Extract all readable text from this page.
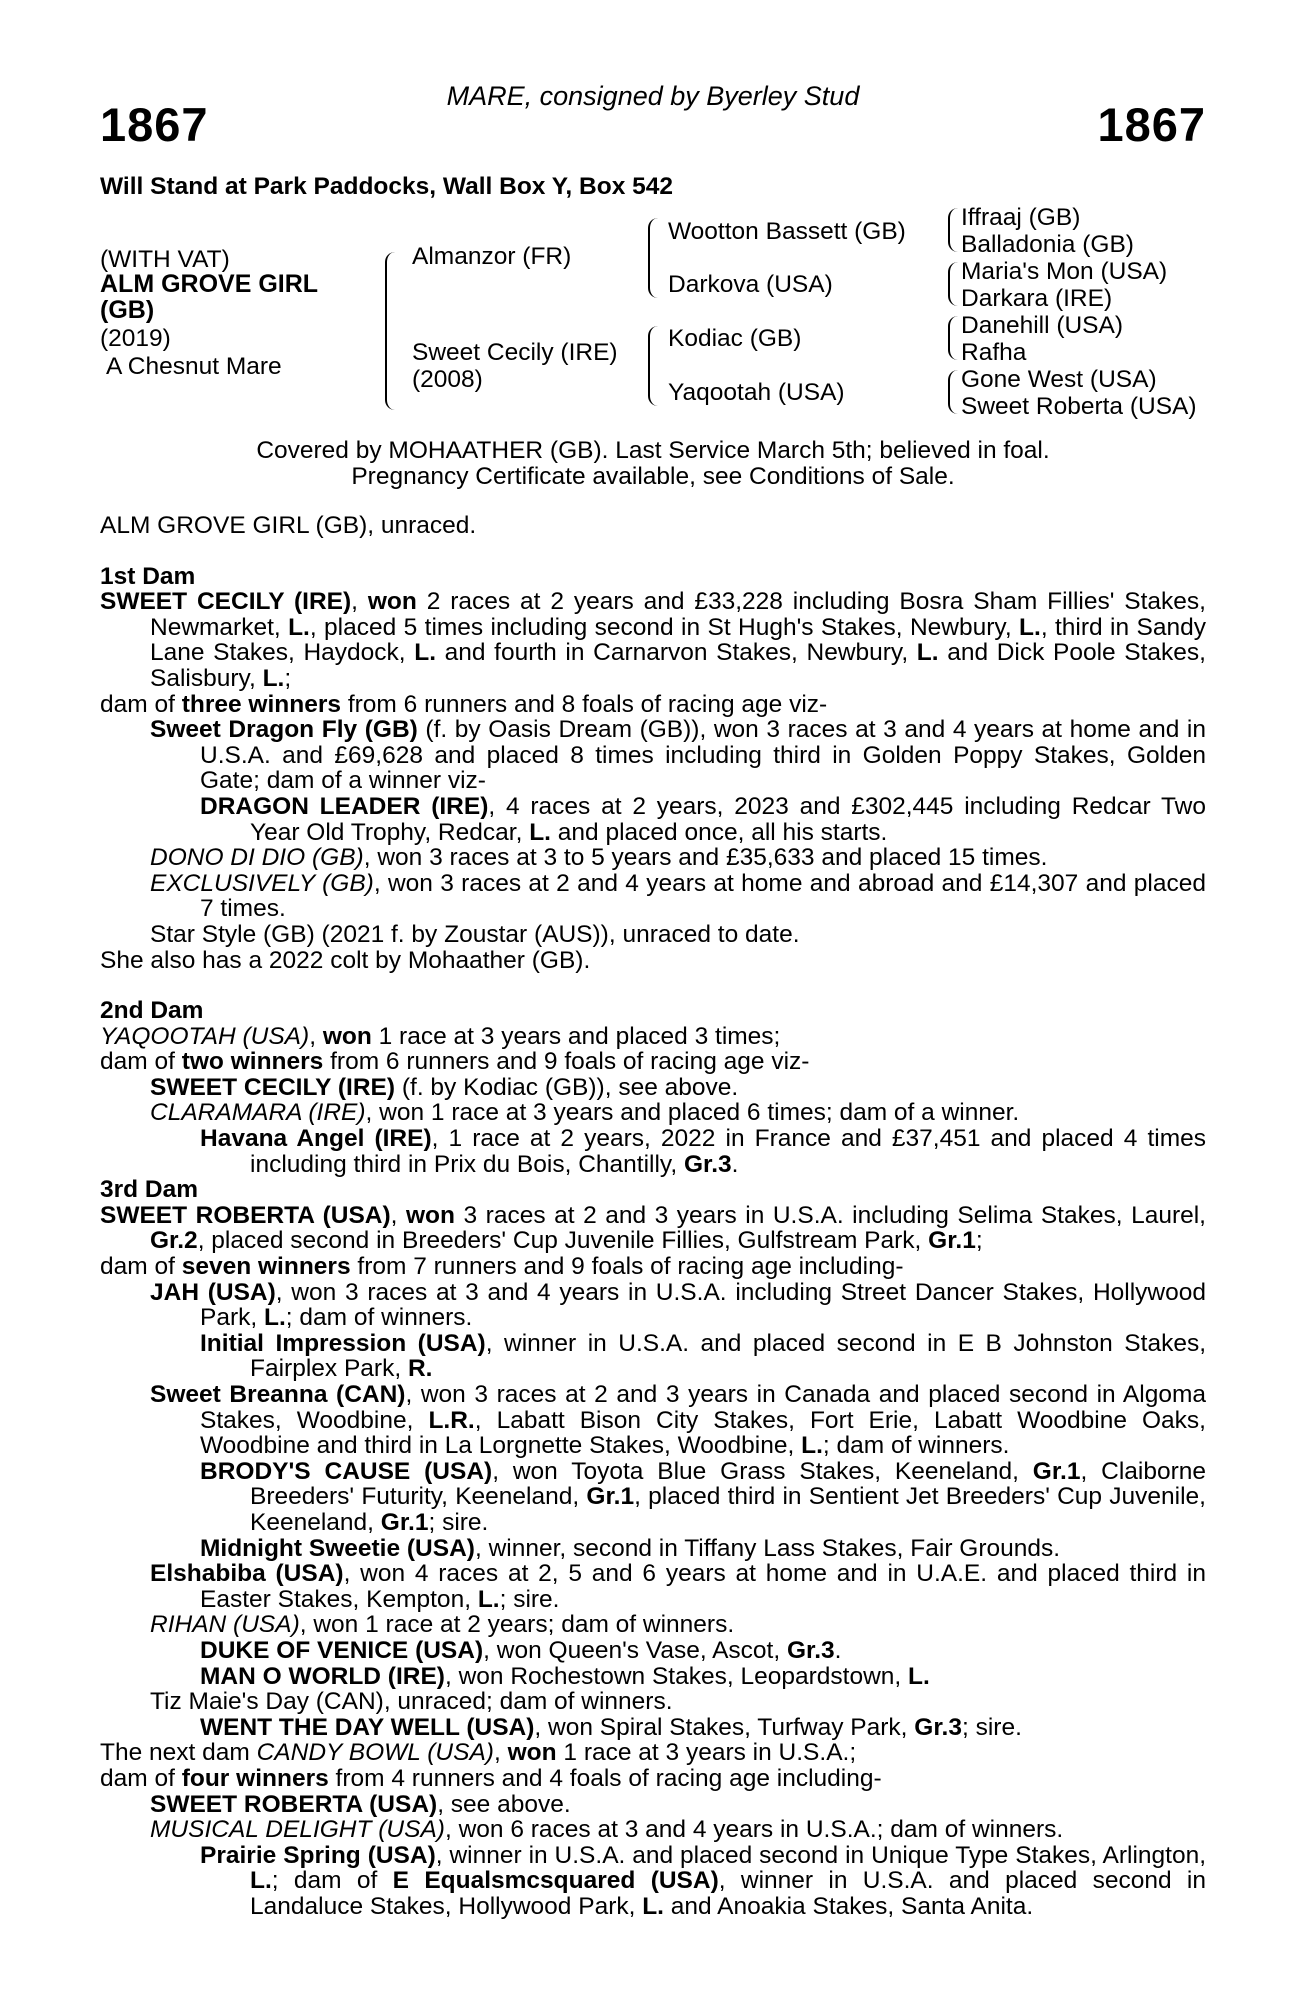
MARE, consigned by Byerley Stud
1867	1867
Will Stand at Park Paddocks, Wall Box Y, Box 542
(WITH VAT)
ALM GROVE GIRL
(GB)
(2019)
A Chesnut Mare
Almanzor (FR)
Sweet Cecily (IRE)
(2008)
Wootton Bassett (GB)
Darkova (USA)
Kodiac (GB)
Yaqootah (USA)
Iffraaj (GB)
Balladonia (GB)
Maria's Mon (USA)
Darkara (IRE)
Danehill (USA)
Rafha
Gone West (USA)
Sweet Roberta (USA)
Covered by MOHAATHER (GB). Last Service March 5th; believed in foal.
Pregnancy Certificate available, see Conditions of Sale.

ALM GROVE GIRL (GB), unraced.

1st Dam

SWEET CECILY (IRE), won 2 races at 2 years and £33,228 including Bosra Sham Fillies' Stakes, Newmarket, L., placed 5 times including second in St Hugh's Stakes, Newbury, L., third in Sandy Lane Stakes, Haydock, L. and fourth in Carnarvon Stakes, Newbury, L. and Dick Poole Stakes, Salisbury, L.;

dam of three winners from 6 runners and 8 foals of racing age viz-

Sweet Dragon Fly (GB) (f. by Oasis Dream (GB)), won 3 races at 3 and 4 years at home and in U.S.A. and £69,628 and placed 8 times including third in Golden Poppy Stakes, Golden Gate; dam of a winner viz-

DRAGON LEADER (IRE), 4 races at 2 years, 2023 and £302,445 including Redcar Two Year Old Trophy, Redcar, L. and placed once, all his starts.

DONO DI DIO (GB), won 3 races at 3 to 5 years and £35,633 and placed 15 times.

EXCLUSIVELY (GB), won 3 races at 2 and 4 years at home and abroad and £14,307 and placed 7 times.

Star Style (GB) (2021 f. by Zoustar (AUS)), unraced to date.

She also has a 2022 colt by Mohaather (GB).

2nd Dam

YAQOOTAH (USA), won 1 race at 3 years and placed 3 times;

dam of two winners from 6 runners and 9 foals of racing age viz-

SWEET CECILY (IRE) (f. by Kodiac (GB)), see above.

CLARAMARA (IRE), won 1 race at 3 years and placed 6 times; dam of a winner.

Havana Angel (IRE), 1 race at 2 years, 2022 in France and £37,451 and placed 4 times including third in Prix du Bois, Chantilly, Gr.3.

3rd Dam

SWEET ROBERTA (USA), won 3 races at 2 and 3 years in U.S.A. including Selima Stakes, Laurel, Gr.2, placed second in Breeders' Cup Juvenile Fillies, Gulfstream Park, Gr.1;

dam of seven winners from 7 runners and 9 foals of racing age including-

JAH (USA), won 3 races at 3 and 4 years in U.S.A. including Street Dancer Stakes, Hollywood Park, L.; dam of winners.

Initial Impression (USA), winner in U.S.A. and placed second in E B Johnston Stakes, Fairplex Park, R.

Sweet Breanna (CAN), won 3 races at 2 and 3 years in Canada and placed second in Algoma Stakes, Woodbine, L.R., Labatt Bison City Stakes, Fort Erie, Labatt Woodbine Oaks, Woodbine and third in La Lorgnette Stakes, Woodbine, L.; dam of winners.

BRODY'S CAUSE (USA), won Toyota Blue Grass Stakes, Keeneland, Gr.1, Claiborne Breeders' Futurity, Keeneland, Gr.1, placed third in Sentient Jet Breeders' Cup Juvenile, Keeneland, Gr.1; sire.

Midnight Sweetie (USA), winner, second in Tiffany Lass Stakes, Fair Grounds.

Elshabiba (USA), won 4 races at 2, 5 and 6 years at home and in U.A.E. and placed third in Easter Stakes, Kempton, L.; sire.

RIHAN (USA), won 1 race at 2 years; dam of winners.

DUKE OF VENICE (USA), won Queen's Vase, Ascot, Gr.3.

MAN O WORLD (IRE), won Rochestown Stakes, Leopardstown, L.

Tiz Maie's Day (CAN), unraced; dam of winners.

WENT THE DAY WELL (USA), won Spiral Stakes, Turfway Park, Gr.3; sire.

The next dam CANDY BOWL (USA), won 1 race at 3 years in U.S.A.;

dam of four winners from 4 runners and 4 foals of racing age including-

SWEET ROBERTA (USA), see above.

MUSICAL DELIGHT (USA), won 6 races at 3 and 4 years in U.S.A.; dam of winners.

Prairie Spring (USA), winner in U.S.A. and placed second in Unique Type Stakes, Arlington, L.; dam of E Equalsmcsquared (USA), winner in U.S.A. and placed second in Landaluce Stakes, Hollywood Park, L. and Anoakia Stakes, Santa Anita.
